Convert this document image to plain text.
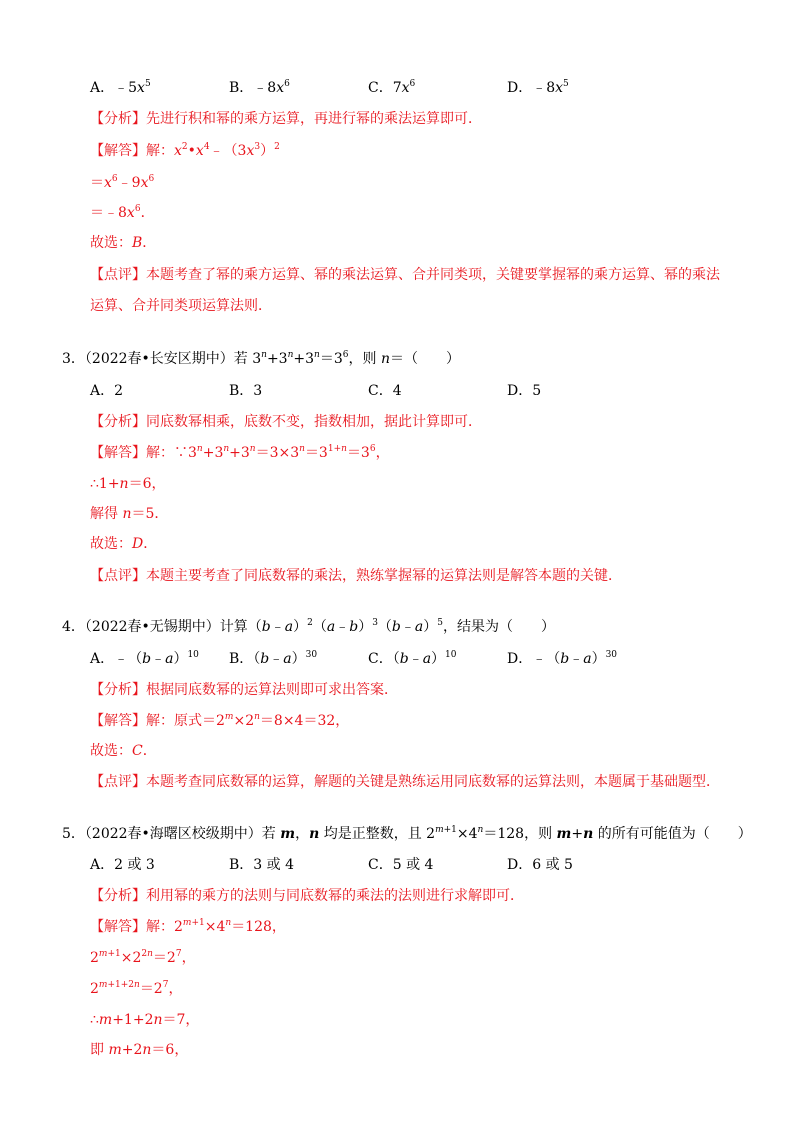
A．$﹣5x^5$	B．$﹣8x^6$	C．$7x^6$	D．$﹣8x^5$
【分析】先进行积和幂的乘方运算，再进行幂的乘法运算即可．
【解答】解：$x^2•x^4﹣(3x^3)^2$
$=x^6﹣9x^6$
$=﹣8x^6$．
故选：B．
【点评】本题考查了幂的乘方运算、幂的乘法运算、合并同类项，关键要掌握幂的乘方运算、幂的乘法
运算、合并同类项运算法则．
3．（2022春•长安区期中）若 $3^n+3^n+3^n=3^6$，则 n＝（　　）
A．2	B．3	C．4	D．5
【分析】同底数幂相乘，底数不变，指数相加，据此计算即可．
【解答】解：$\because 3^n+3^n+3^n=3\times 3^n=3^{1+n}=3^6$，
∴1+n＝6，
解得 n＝5．
故选：D．
【点评】本题主要考查了同底数幂的乘法，熟练掌握幂的运算法则是解答本题的关键．
4．（2022春•无锡期中）计算（b﹣a）$^2$（a﹣b）$^3$（b﹣a）$^5$，结果为（　　）
A．﹣（b﹣a）$^{10}$ B．（b﹣a）$^{30}$	C．（b﹣a）$^{10}$	D．﹣（b﹣a）$^{30}$
【分析】根据同底数幂的运算法则即可求出答案．
【解答】解：原式$=2^m\times 2^n=8\times 4=32$，
故选：C．
【点评】本题考查同底数幂的运算，解题的关键是熟练运用同底数幂的运算法则，本题属于基础题型．
5．（2022春•海曙区校级期中）若 m，n 均是正整数，且 $2^{m+1}\times 4^n=128$，则 m+n 的所有可能值为（　　）
A．2 或 3	B．3 或 4	C．5 或 4	D．6 或 5
【分析】利用幂的乘方的法则与同底数幂的乘法的法则进行求解即可．
【解答】解：$2^{m+1}\times 4^n=128$，
$2^{m+1}\times 2^{2n}=2^7$，
$2^{m+1+2n}=2^7$，
∴m+1+2n＝7，
即 m+2n＝6，
